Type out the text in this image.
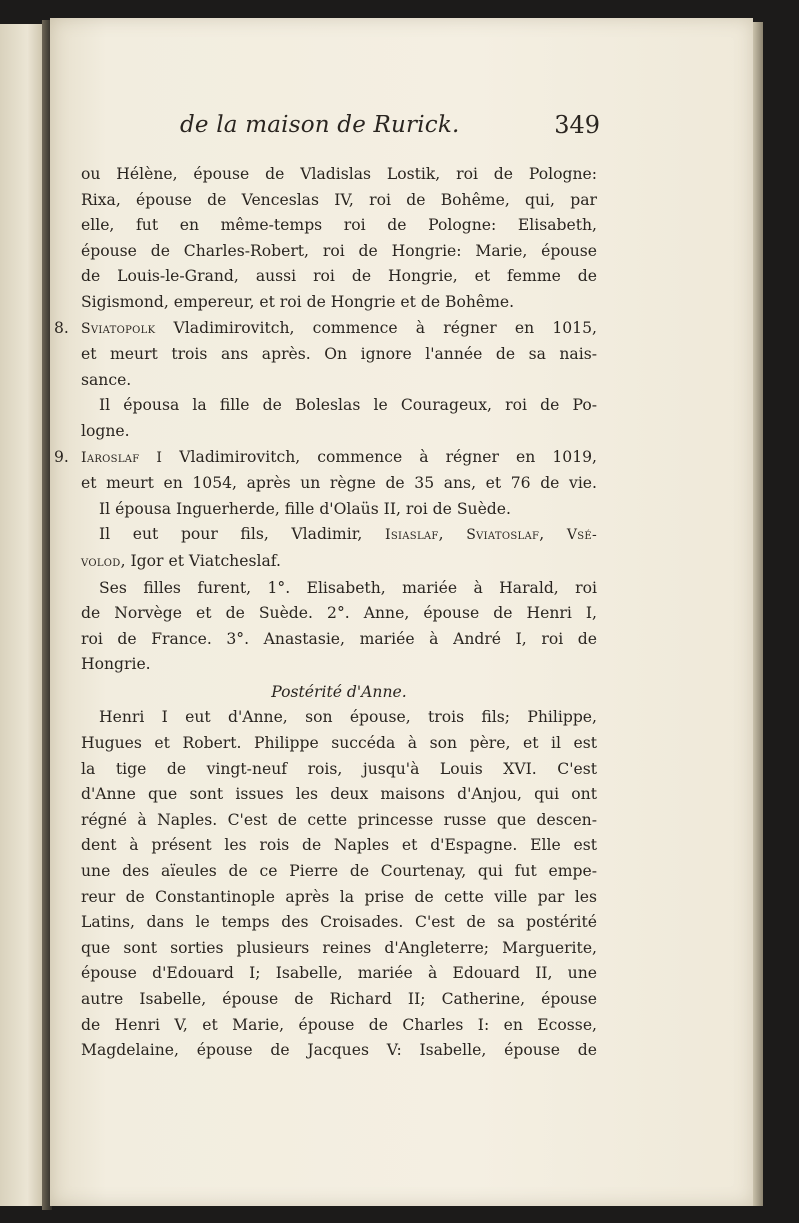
de la maison de Rurick.	349

ou Hélène, épouse de Vladislas Lostik, roi de Pologne:

Rixa, épouse de Venceslas IV, roi de Bohême, qui, par

elle, fut en même-temps roi de Pologne: Elisabeth,

épouse de Charles-Robert, roi de Hongrie: Marie, épouse

de Louis-le-Grand, aussi roi de Hongrie, et femme de

Sigismond, empereur, et roi de Hongrie et de Bohême.

8. Sviatopolk Vladimirovitch, commence à régner en 1015,

et meurt trois ans après. On ignore l'année de sa nais-

sance.

Il épousa la fille de Boleslas le Courageux, roi de Po-

logne.

9. Iaroslaf I Vladimirovitch, commence à régner en 1019,

et meurt en 1054, après un règne de 35 ans, et 76 de vie.

Il épousa Inguerherde, fille d'Olaüs II, roi de Suède.

Il eut pour fils, Vladimir, Isiaslaf, Sviatoslaf, Vsé-

volod, Igor et Viatcheslaf.

Ses filles furent, 1°. Elisabeth, mariée à Harald, roi

de Norvège et de Suède. 2°. Anne, épouse de Henri I,

roi de France. 3°. Anastasie, mariée à André I, roi de

Hongrie.

Postérité d'Anne.

Henri I eut d'Anne, son épouse, trois fils; Philippe,

Hugues et Robert. Philippe succéda à son père, et il est

la tige de vingt-neuf rois, jusqu'à Louis XVI. C'est

d'Anne que sont issues les deux maisons d'Anjou, qui ont

régné à Naples. C'est de cette princesse russe que descen-

dent à présent les rois de Naples et d'Espagne. Elle est

une des aïeules de ce Pierre de Courtenay, qui fut empe-

reur de Constantinople après la prise de cette ville par les

Latins, dans le temps des Croisades. C'est de sa postérité

que sont sorties plusieurs reines d'Angleterre; Marguerite,

épouse d'Edouard I; Isabelle, mariée à Edouard II, une

autre Isabelle, épouse de Richard II; Catherine, épouse

de Henri V, et Marie, épouse de Charles I: en Ecosse,

Magdelaine, épouse de Jacques V: Isabelle, épouse de
